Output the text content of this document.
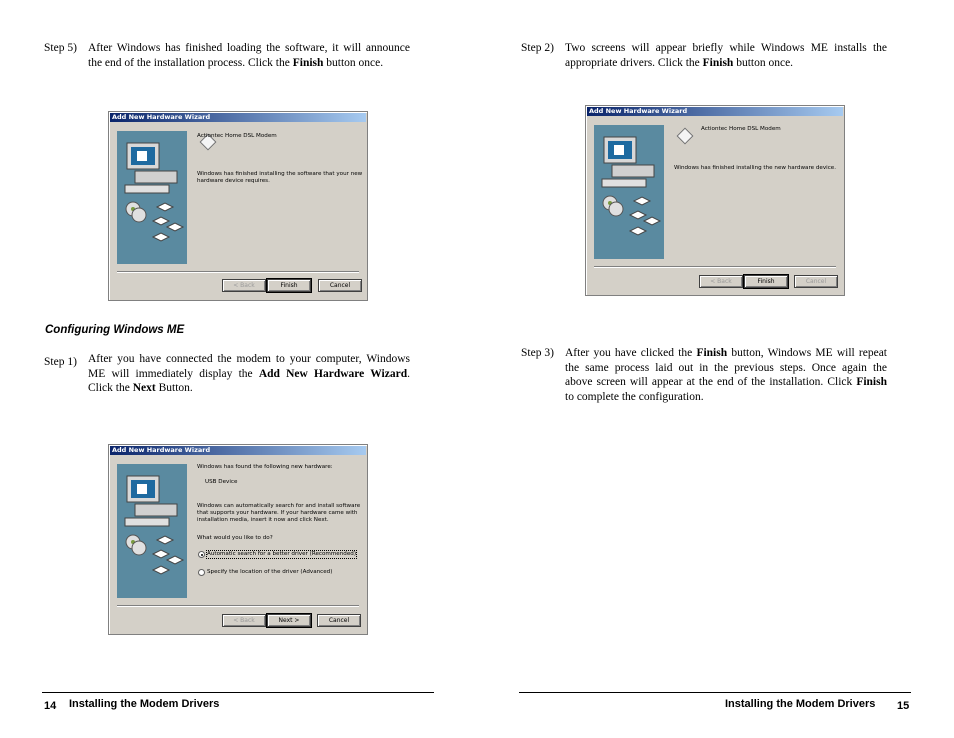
Step 5) After Windows has finished loading the software, it will announce
the end of the installation process. Click the Finish button once.
Add New Hardware Wizard
Actiontec Home DSL Modem
Windows has finished installing the software that your new
hardware device requires.
< Back	Finish	Cancel
Configuring Windows ME
Step 1) After you have connected the modem to your computer, Windows
ME will immediately display the Add New Hardware Wizard.
Click the Next Button.
Add New Hardware Wizard
Windows has found the following new hardware:
USB Device
Windows can automatically search for and install software
that supports your hardware. If your hardware came with
installation media, insert it now and click Next.
What would you like to do?
Automatic search for a better driver (Recommended)
Specify the location of the driver (Advanced)
< Back	Next >	Cancel
14 Installing the Modem Drivers
Step 2) Two screens will appear briefly while Windows ME installs the
appropriate drivers. Click the Finish button once.
Add New Hardware Wizard
Actiontec Home DSL Modem
Windows has finished installing the new hardware device.
< Back	Finish	Cancel
Step 3) After you have clicked the Finish button, Windows ME will repeat
the same process laid out in the previous steps. Once again the
above screen will appear at the end of the installation. Click Finish
to complete the configuration.
Installing the Modem Drivers 15
